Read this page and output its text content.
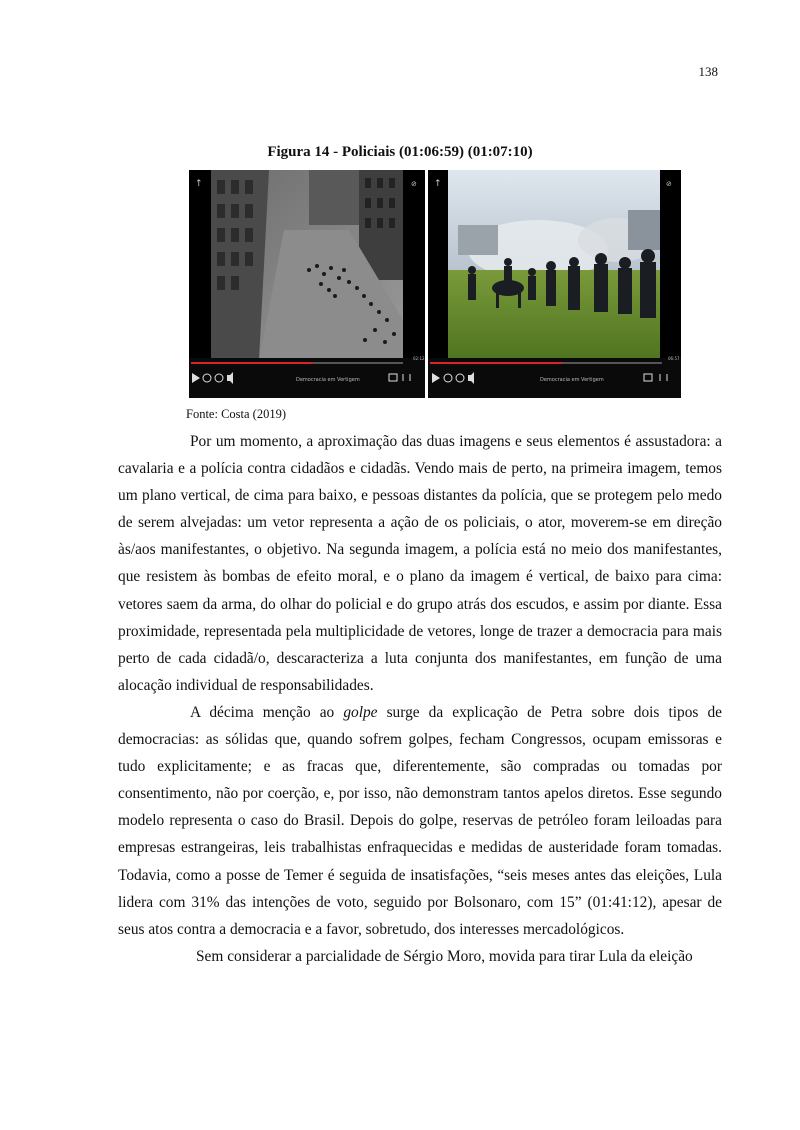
138
Figura 14 - Policiais (01:06:59) (01:07:10)
Democracia em Vertigem
02:12
↑	⊘
Democracia em Vertigem
06:57
↑	⊘
Fonte: Costa (2019)

Por um momento, a aproximação das duas imagens e seus elementos é assustadora: a cavalaria e a polícia contra cidadãos e cidadãs. Vendo mais de perto, na primeira imagem, temos um plano vertical, de cima para baixo, e pessoas distantes da polícia, que se protegem pelo medo de serem alvejadas: um vetor representa a ação de os policiais, o ator, moverem-se em direção às/aos manifestantes, o objetivo. Na segunda imagem, a polícia está no meio dos manifestantes, que resistem às bombas de efeito moral, e o plano da imagem é vertical, de baixo para cima: vetores saem da arma, do olhar do policial e do grupo atrás dos escudos, e assim por diante. Essa proximidade, representada pela multiplicidade de vetores, longe de trazer a democracia para mais perto de cada cidadã/o, descaracteriza a luta conjunta dos manifestantes, em função de uma alocação individual de responsabilidades.

A décima menção ao golpe surge da explicação de Petra sobre dois tipos de democracias: as sólidas que, quando sofrem golpes, fecham Congressos, ocupam emissoras e tudo explicitamente; e as fracas que, diferentemente, são compradas ou tomadas por consentimento, não por coerção, e, por isso, não demonstram tantos apelos diretos. Esse segundo modelo representa o caso do Brasil. Depois do golpe, reservas de petróleo foram leiloadas para empresas estrangeiras, leis trabalhistas enfraquecidas e medidas de austeridade foram tomadas. Todavia, como a posse de Temer é seguida de insatisfações, “seis meses antes das eleições, Lula lidera com 31% das intenções de voto, seguido por Bolsonaro, com 15” (01:41:12), apesar de seus atos contra a democracia e a favor, sobretudo, dos interesses mercadológicos.

Sem considerar a parcialidade de Sérgio Moro, movida para tirar Lula da eleição
